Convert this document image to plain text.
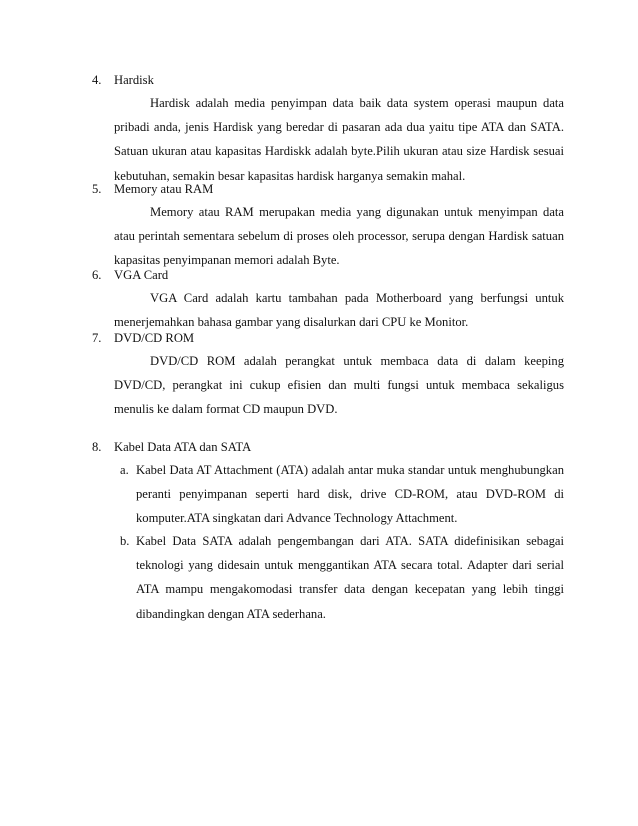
4. Hardisk
Hardisk adalah media penyimpan data baik data system operasi maupun data pribadi anda, jenis Hardisk yang beredar di pasaran ada dua yaitu tipe ATA dan SATA. Satuan ukuran atau kapasitas Hardiskk adalah byte.Pilih ukuran atau size Hardisk sesuai kebutuhan, semakin besar kapasitas hardisk harganya semakin mahal.
5. Memory atau RAM
Memory atau RAM merupakan media yang digunakan untuk menyimpan data atau perintah sementara sebelum di proses oleh processor, serupa dengan Hardisk satuan kapasitas penyimpanan memori adalah Byte.
6. VGA Card
VGA Card adalah kartu tambahan pada Motherboard yang berfungsi untuk menerjemahkan bahasa gambar yang disalurkan dari CPU ke Monitor.
7. DVD/CD ROM
DVD/CD ROM adalah perangkat untuk membaca data di dalam keeping DVD/CD, perangkat ini cukup efisien dan multi fungsi untuk membaca sekaligus menulis ke dalam format CD maupun DVD.
8. Kabel Data ATA dan SATA
a. Kabel Data AT Attachment (ATA) adalah antar muka standar untuk menghubungkan peranti penyimpanan seperti hard disk, drive CD-ROM, atau DVD-ROM di komputer.ATA singkatan dari Advance Technology Attachment.
b. Kabel Data SATA adalah pengembangan dari ATA. SATA didefinisikan sebagai teknologi yang didesain untuk menggantikan ATA secara total. Adapter dari serial ATA mampu mengakomodasi transfer data dengan kecepatan yang lebih tinggi dibandingkan dengan ATA sederhana.
